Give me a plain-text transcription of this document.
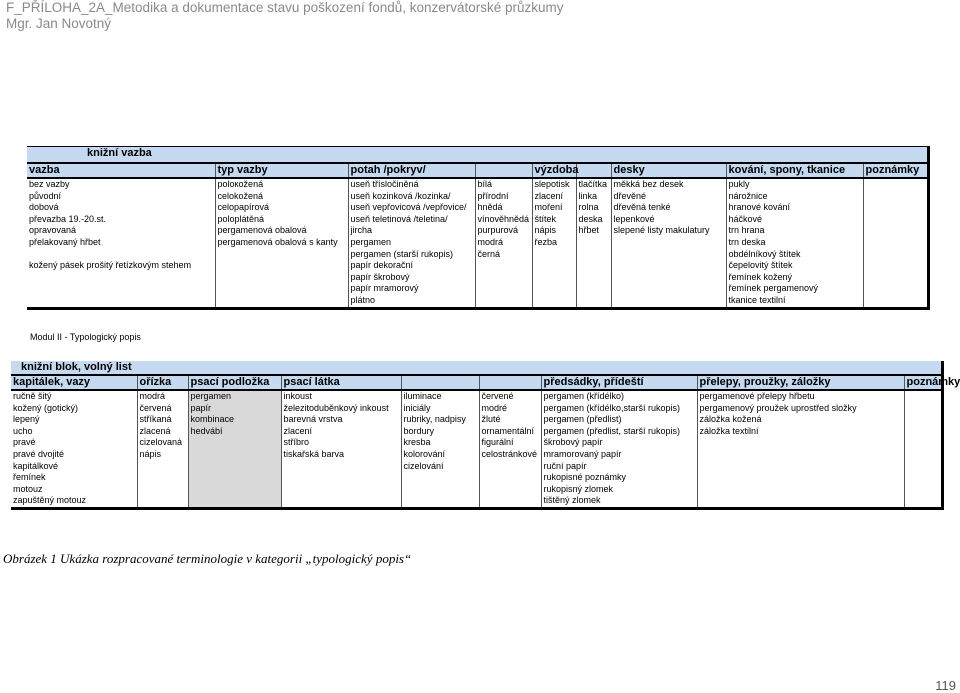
F_PŘÍLOHA_2A_Metodika a dokumentace stavu poškození fondů, konzervátorské průzkumy
Mgr. Jan Novotný
knižní vazba								
vazba	typ vazby	potah /pokryv/		výzdoba		desky	kování, spony, tkanice	poznámky
bez vazby	poloкоžená	useň třísločiněná	bílá	slepotisk	tlačítka	měkká bez desek	pukly	
původní	celokožená	useň kozinková /kozinka/	přírodní	zlacení	linka	dřevěné	nárožnice	
dobová	celopapírová	useň vepřovicová /vepřovice/	hnědá	moření	rolna	dřevěná tenké	hranové kování	
převazba 19.-20.st.	poloplátěná	useň teletinová /teletina/	vínověhnědá	štítek	deska	lepenkové	háčkové	
opravovaná	pergamenová obalová	jircha	purpurová	nápis	hřbet	slepené listy makulatury	trn hrana	
přelakovaný hřbet	pergamenová obalová s kanty	pergamen	modrá	řezba			trn deska	
		pergamen (starší rukopis)	černá				obdélníkový štítek	
kožený pásek prošitý řetízkovým stehem		papír dekorační					čepelovitý štítek	
		papír škrobový					řemínek kožený	
		papír mramorový					řemínek pergamenový	
		plátno					tkanice textilní	
Modul II - Typologický popis
knižní blok, volný list								
kapitálek, vazy	ořízka	psací podložka	psací látka			předsádky, přídeští	přelepy, proužky, záložky	poznámky
ručně šitý	modrá	pergamen	inkoust	iluminace	červené	pergamen (křídélko)	pergamenové přelepy hřbetu	
kožený (gotický)	červená	papír	železitoduběnkový inkoust	iniciály	modré	pergamen (křídélko,starší rukopis)	pergamenový proužek uprostřed složky	
lepený	stříkaná	kombinace	barevná vrstva	rubriky, nadpisy	žluté	pergamen (předlist)	záložka kožená	
ucho	zlacená	hedvábí	zlacení	bordury	ornamentální	pergamen (předlist, starší rukopis)	záložka textilní	
pravé	cizelovaná		stříbro	kresba	figurální	škrobový papír		
pravé dvojité	nápis		tiskařská barva	kolorování	celostránkové	mramorovaný papír		
kapitálkové				cizelování		ruční papír		
řemínek						rukopisné poznámky		
motouz						rukopisný zlomek		
zapuštěný motouz						tištěný zlomek		
Obrázek 1 Ukázka rozpracované terminologie v kategorii „typologický popis“
119
